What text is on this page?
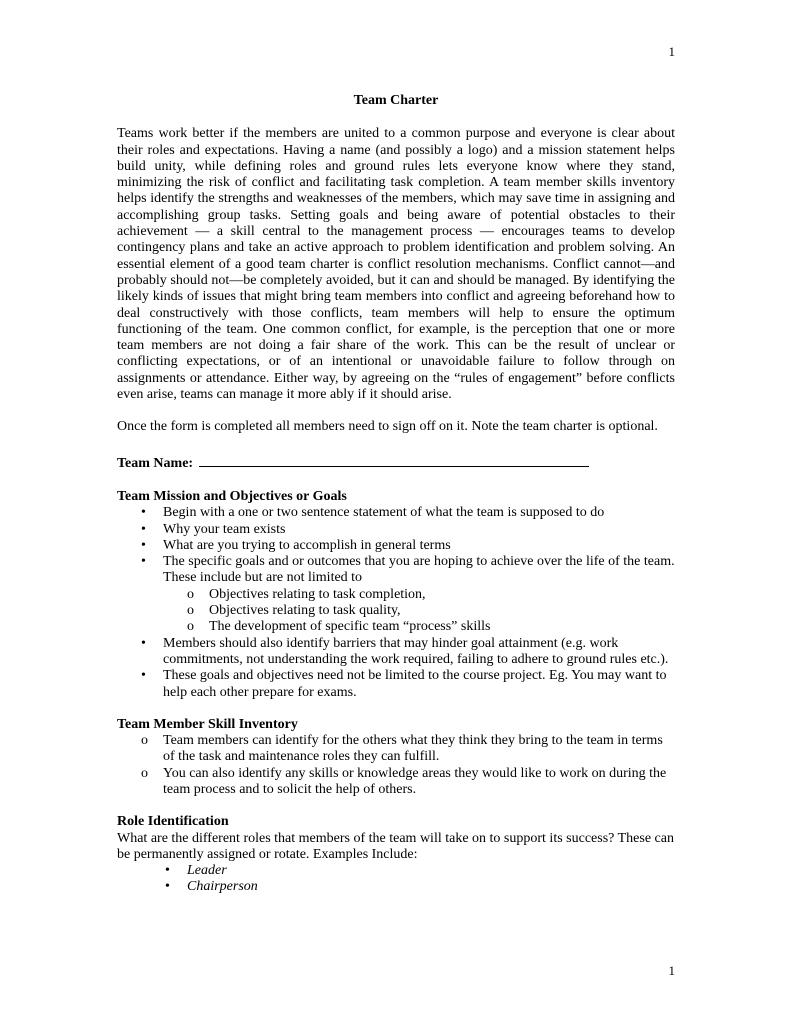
1

Team Charter

Teams work better if the members are united to a common purpose and everyone is clear about their roles and expectations. Having a name (and possibly a logo) and a mission statement helps build unity, while defining roles and ground rules lets everyone know where they stand, minimizing the risk of conflict and facilitating task completion. A team member skills inventory helps identify the strengths and weaknesses of the members, which may save time in assigning and accomplishing group tasks. Setting goals and being aware of potential obstacles to their achievement — a skill central to the management process — encourages teams to develop contingency plans and take an active approach to problem identification and problem solving. An essential element of a good team charter is conflict resolution mechanisms. Conflict cannot—and probably should not—be completely avoided, but it can and should be managed. By identifying the likely kinds of issues that might bring team members into conflict and agreeing beforehand how to deal constructively with those conflicts, team members will help to ensure the optimum functioning of the team. One common conflict, for example, is the perception that one or more team members are not doing a fair share of the work. This can be the result of unclear or conflicting expectations, or of an intentional or unavoidable failure to follow through on assignments or attendance. Either way, by agreeing on the “rules of engagement” before conflicts even arise, teams can manage it more ably if it should arise.

Once the form is completed all members need to sign off on it. Note the team charter is optional.

Team Name:

Team Mission and Objectives or Goals

• Begin with a one or two sentence statement of what the team is supposed to do
• Why your team exists
• What are you trying to accomplish in general terms
• The specific goals and or outcomes that you are hoping to achieve over the life of the team. These include but are not limited to
o Objectives relating to task completion,
o Objectives relating to task quality,
o The development of specific team “process” skills
• Members should also identify barriers that may hinder goal attainment (e.g. work commitments, not understanding the work required, failing to adhere to ground rules etc.).
• These goals and objectives need not be limited to the course project. Eg. You may want to help each other prepare for exams.

Team Member Skill Inventory

o Team members can identify for the others what they think they bring to the team in terms of the task and maintenance roles they can fulfill.
o You can also identify any skills or knowledge areas they would like to work on during the team process and to solicit the help of others.

Role Identification

What are the different roles that members of the team will take on to support its success? These can be permanently assigned or rotate. Examples Include:

• Leader
• Chairperson
1
